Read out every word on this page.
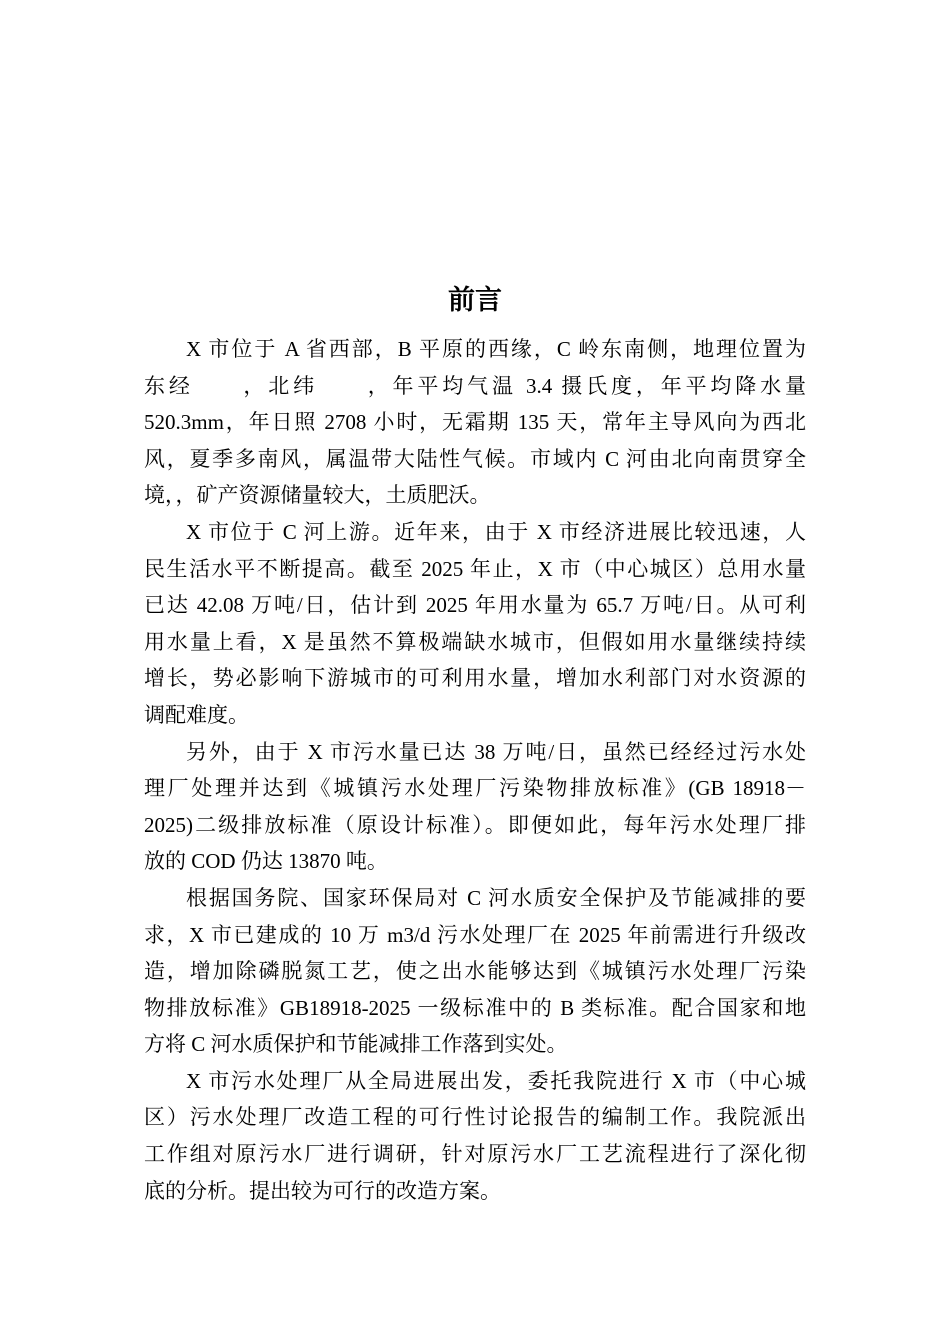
前言
X 市位于 A 省西部，B 平原的西缘，C 岭东南侧，地理位置为
东经　　，北纬　　，年平均气温 3.4 摄氏度，年平均降水量
520.3mm，年日照 2708 小时，无霜期 135 天，常年主导风向为西北
风，夏季多南风，属温带大陆性气候。市域内 C 河由北向南贯穿全
境，，矿产资源储量较大，土质肥沃。
X 市位于 C 河上游。近年来，由于 X 市经济进展比较迅速，人
民生活水平不断提高。截至 2025 年止，X 市（中心城区）总用水量
已达 42.08 万吨/日，估计到 2025 年用水量为 65.7 万吨/日。从可利
用水量上看，X 是虽然不算极端缺水城市，但假如用水量继续持续
增长，势必影响下游城市的可利用水量，增加水利部门对水资源的
调配难度。
另外，由于 X 市污水量已达 38 万吨/日，虽然已经经过污水处
理厂处理并达到《城镇污水处理厂污染物排放标准》(GB 18918－
2025)二级排放标准（原设计标准）。即便如此，每年污水处理厂排
放的 COD 仍达 13870 吨。
根据国务院、国家环保局对 C 河水质安全保护及节能减排的要
求，X 市已建成的 10 万 m3/d 污水处理厂在 2025 年前需进行升级改
造，增加除磷脱氮工艺，使之出水能够达到《城镇污水处理厂污染
物排放标准》GB18918-2025 一级标准中的 B 类标准。配合国家和地
方将 C 河水质保护和节能减排工作落到实处。
X 市污水处理厂从全局进展出发，委托我院进行 X 市（中心城
区）污水处理厂改造工程的可行性讨论报告的编制工作。我院派出
工作组对原污水厂进行调研，针对原污水厂工艺流程进行了深化彻
底的分析。提出较为可行的改造方案。
